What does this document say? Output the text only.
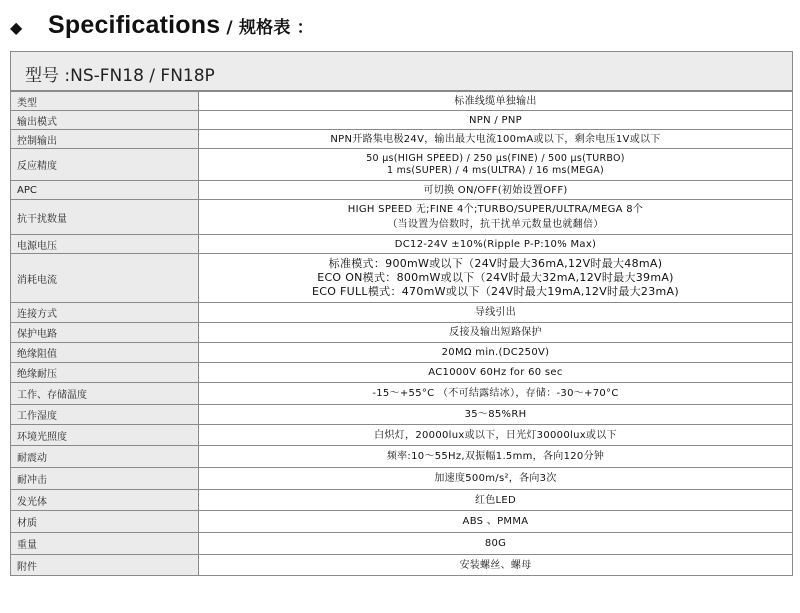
◆ Specifications / 规格表 ：
型号 :NS-FN18 / FN18P
类型	标准线缆单独输出

输出模式	NPN / PNP

控制输出	NPN开路集电极24V，输出最大电流100mA或以下，剩余电压1V或以下

反应精度	50 µs(HIGH SPEED) / 250 µs(FINE) / 500 µs(TURBO)
1 ms(SUPER) / 4 ms(ULTRA) / 16 ms(MEGA)

APC	可切换 ON/OFF(初始设置OFF)

抗干扰数量	HIGH SPEED 无;FINE 4个;TURBO/SUPER/ULTRA/MEGA 8个
（当设置为倍数时，抗干扰单元数量也就翻倍）

电源电压	DC12-24V ±10%(Ripple P-P:10% Max)

消耗电流	标准模式：900mW或以下（24V时最大36mA,12V时最大48mA)
ECO ON模式：800mW或以下（24V时最大32mA,12V时最大39mA)
ECO FULL模式：470mW或以下（24V时最大19mA,12V时最大23mA)

连接方式	导线引出

保护电路	反接及输出短路保护

绝缘阻值	20MΩ min.(DC250V)

绝缘耐压	AC1000V 60Hz for 60 sec

工作、存储温度	-15～+55°C （不可结露结冰），存储：-30～+70°C

工作湿度	35～85%RH

环境光照度	白炽灯，20000lux或以下，日光灯30000lux或以下

耐震动	频率:10～55Hz,双振幅1.5mm，各向120分钟

耐冲击	加速度500m/s²，各向3次

发光体	红色LED

材质	ABS 、PMMA

重量	80G

附件	安装螺丝、螺母
